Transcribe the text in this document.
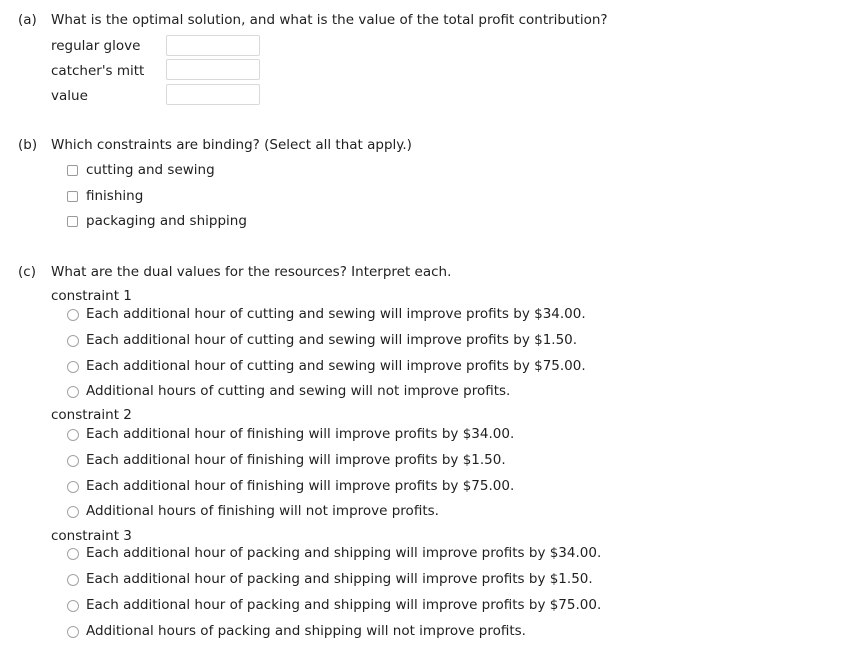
(a) What is the optimal solution, and what is the value of the total profit contribution?
regular glove
catcher's mitt
value
(b) Which constraints are binding? (Select all that apply.)
cutting and sewing
finishing
packaging and shipping
(c) What are the dual values for the resources? Interpret each.
constraint 1
Each additional hour of cutting and sewing will improve profits by $34.00.
Each additional hour of cutting and sewing will improve profits by $1.50.
Each additional hour of cutting and sewing will improve profits by $75.00.
Additional hours of cutting and sewing will not improve profits.
constraint 2
Each additional hour of finishing will improve profits by $34.00.
Each additional hour of finishing will improve profits by $1.50.
Each additional hour of finishing will improve profits by $75.00.
Additional hours of finishing will not improve profits.
constraint 3
Each additional hour of packing and shipping will improve profits by $34.00.
Each additional hour of packing and shipping will improve profits by $1.50.
Each additional hour of packing and shipping will improve profits by $75.00.
Additional hours of packing and shipping will not improve profits.
